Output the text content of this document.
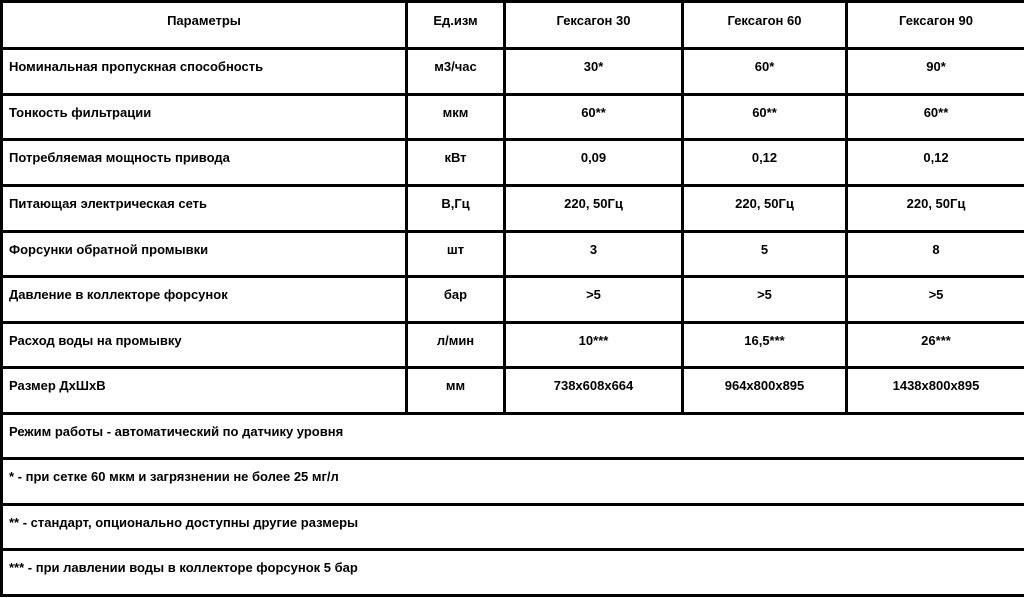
Параметры	Ед.изм	Гексагон 30	Гексагон 60	Гексагон 90
Номинальная пропускная способность	м3/час	30*	60*	90*
Тонкость фильтрации	мкм	60**	60**	60**
Потребляемая мощность привода	кВт	0,09	0,12	0,12
Питающая электрическая сеть	В,Гц	220, 50Гц	220, 50Гц	220, 50Гц
Форсунки обратной промывки	шт	3	5	8
Давление в коллекторе форсунок	бар	>5	>5	>5
Расход воды на промывку	л/мин	10***	16,5***	26***
Размер ДхШхВ	мм	738x608x664	964x800x895	1438x800x895
Режим работы - автоматический по датчику уровня				
* - при сетке 60 мкм и загрязнении не более 25 мг/л				
** - стандарт, опционально доступны другие размеры				
*** - при лавлении воды в коллекторе форсунок 5 бар				
